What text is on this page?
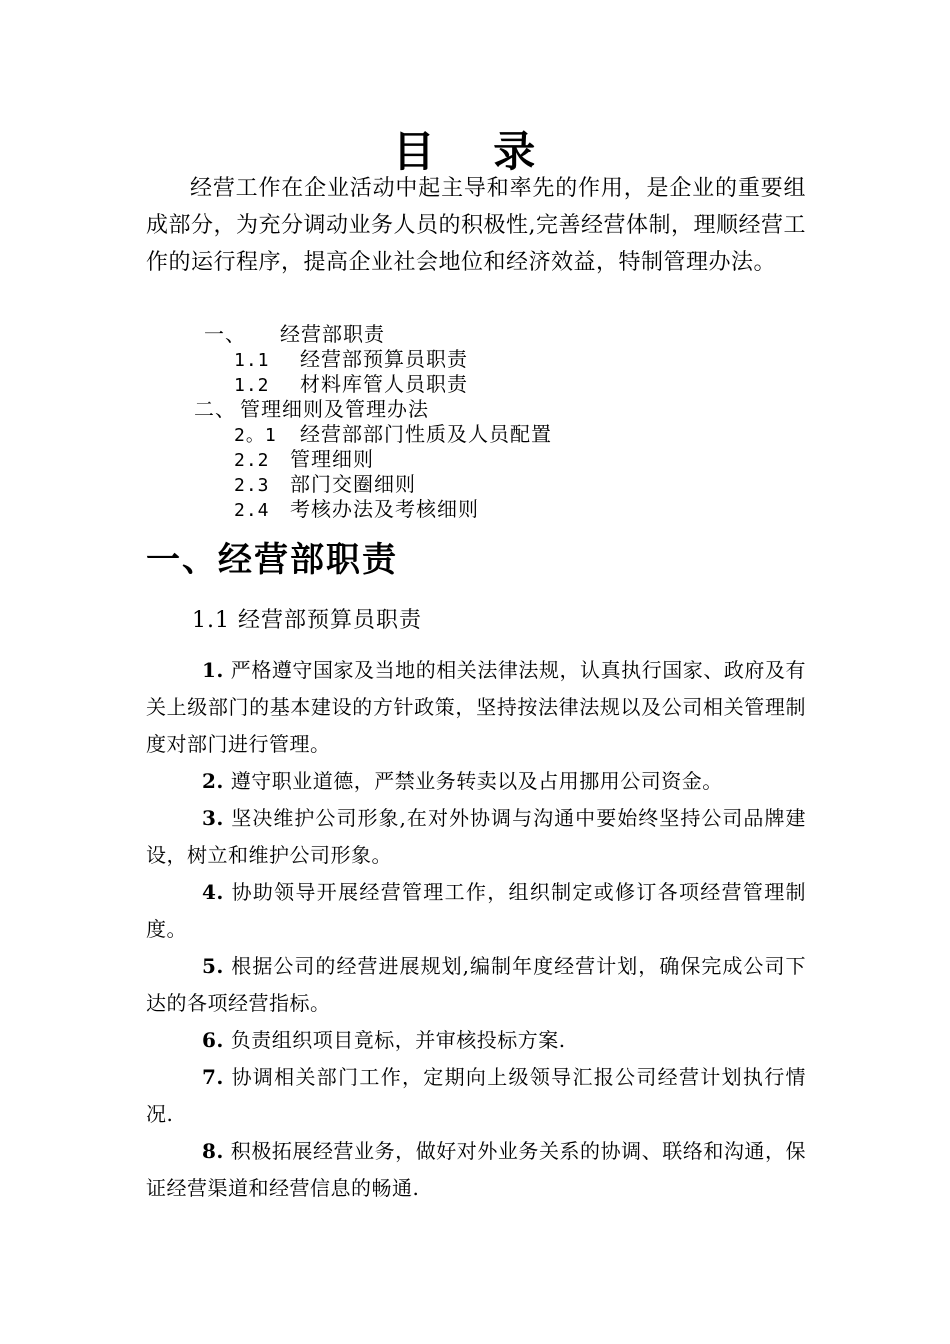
目 录

经营工作在企业活动中起主导和率先的作用，是企业的重要组成部分，为充分调动业务人员的积极性,完善经营体制，理顺经营工作的运行程序，提高企业社会地位和经济效益，特制管理办法。

一、 经营部职责
1.1 经营部预算员职责
1.2 材料库管人员职责
二、 管理细则及管理办法
2。1 经营部部门性质及人员配置
2.2 管理细则
2.3 部门交圈细则
2.4 考核办法及考核细则
一、经营部职责
1.1 经营部预算员职责

1. 严格遵守国家及当地的相关法律法规，认真执行国家、政府及有关上级部门的基本建设的方针政策，坚持按法律法规以及公司相关管理制度对部门进行管理。

2. 遵守职业道德，严禁业务转卖以及占用挪用公司资金。

3. 坚决维护公司形象,在对外协调与沟通中要始终坚持公司品牌建设，树立和维护公司形象。

4. 协助领导开展经营管理工作，组织制定或修订各项经营管理制度。

5. 根据公司的经营进展规划,编制年度经营计划，确保完成公司下达的各项经营指标。

6. 负责组织项目竟标，并审核投标方案.

7. 协调相关部门工作，定期向上级领导汇报公司经营计划执行情况.

8. 积极拓展经营业务，做好对外业务关系的协调、联络和沟通，保证经营渠道和经营信息的畅通.
